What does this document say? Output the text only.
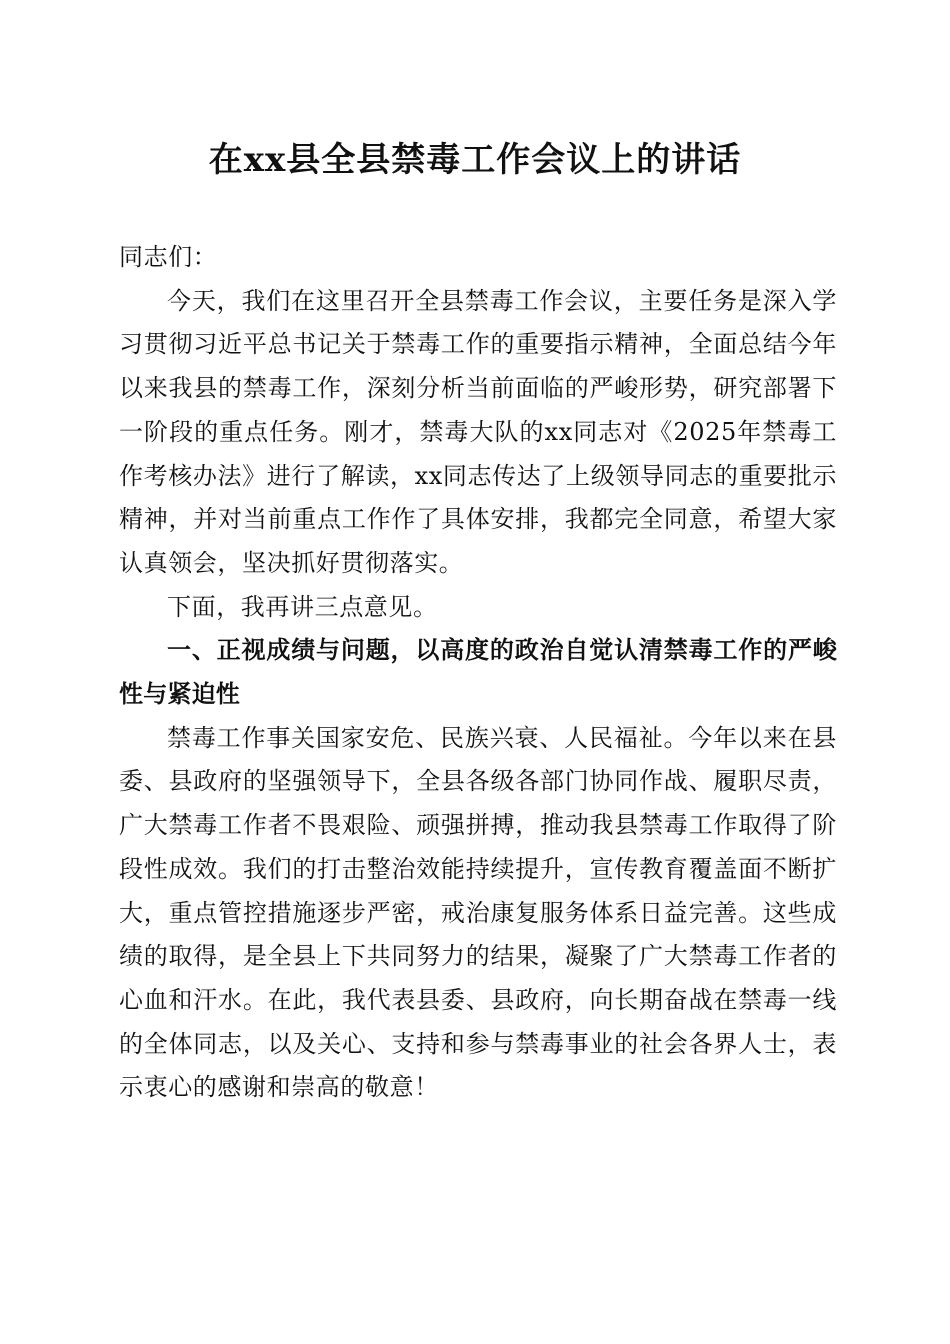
在xx县全县禁毒工作会议上的讲话

同志们：

今天，我们在这里召开全县禁毒工作会议，主要任务是深入学习贯彻习近平总书记关于禁毒工作的重要指示精神，全面总结今年以来我县的禁毒工作，深刻分析当前面临的严峻形势，研究部署下一阶段的重点任务。刚才，禁毒大队的xx同志对《2025年禁毒工作考核办法》进行了解读，xx同志传达了上级领导同志的重要批示精神，并对当前重点工作作了具体安排，我都完全同意，希望大家认真领会，坚决抓好贯彻落实。

下面，我再讲三点意见。

一、正视成绩与问题，以高度的政治自觉认清禁毒工作的严峻性与紧迫性

禁毒工作事关国家安危、民族兴衰、人民福祉。今年以来在县委、县政府的坚强领导下，全县各级各部门协同作战、履职尽责，广大禁毒工作者不畏艰险、顽强拼搏，推动我县禁毒工作取得了阶段性成效。我们的打击整治效能持续提升，宣传教育覆盖面不断扩大，重点管控措施逐步严密，戒治康复服务体系日益完善。这些成绩的取得，是全县上下共同努力的结果，凝聚了广大禁毒工作者的心血和汗水。在此，我代表县委、县政府，向长期奋战在禁毒一线的全体同志，以及关心、支持和参与禁毒事业的社会各界人士，表示衷心的感谢和崇高的敬意！
